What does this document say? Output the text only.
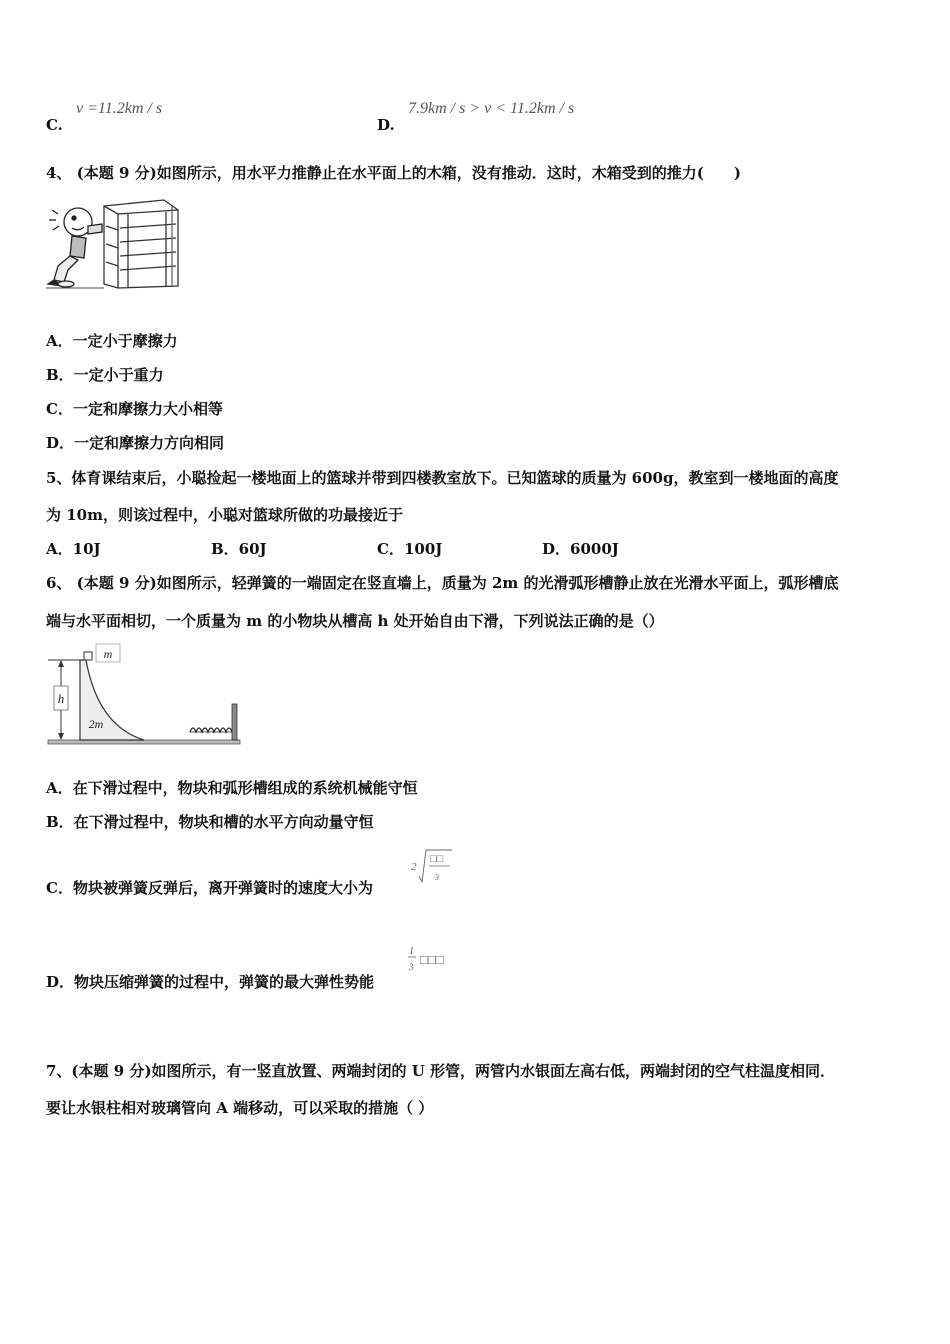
C.
v =11.2km / s
D.
7.9km / s > v < 11.2km / s
4、 (本题 9 分)如图所示，用水平力推静止在水平面上的木箱，没有推动．这时，木箱受到的推力(　　)
A．一定小于摩擦力
B．一定小于重力
C．一定和摩擦力大小相等
D．一定和摩擦力方向相同
5、体育课结束后，小聪捡起一楼地面上的篮球并带到四楼教室放下。已知篮球的质量为 600g，教室到一楼地面的高度
为 10m，则该过程中，小聪对篮球所做的功最接近于
A．10J	B．60J	C．100J	D．6000J
6、 (本题 9 分)如图所示，轻弹簧的一端固定在竖直墙上，质量为 2m 的光滑弧形槽静止放在光滑水平面上，弧形槽底
端与水平面相切，一个质量为 m 的小物块从槽高 h 处开始自由下滑，下列说法正确的是（）
h
m
2m
A．在下滑过程中，物块和弧形槽组成的系统机械能守恒
B．在下滑过程中，物块和槽的水平方向动量守恒
C．物块被弹簧反弹后，离开弹簧时的速度大小为
2
□□
3
D．物块压缩弹簧的过程中，弹簧的最大弹性势能
1
3 □□□
7、(本题 9 分)如图所示，有一竖直放置、两端封闭的 U 形管，两管内水银面左高右低，两端封闭的空气柱温度相同．
要让水银柱相对玻璃管向 A 端移动，可以采取的措施（ ）
